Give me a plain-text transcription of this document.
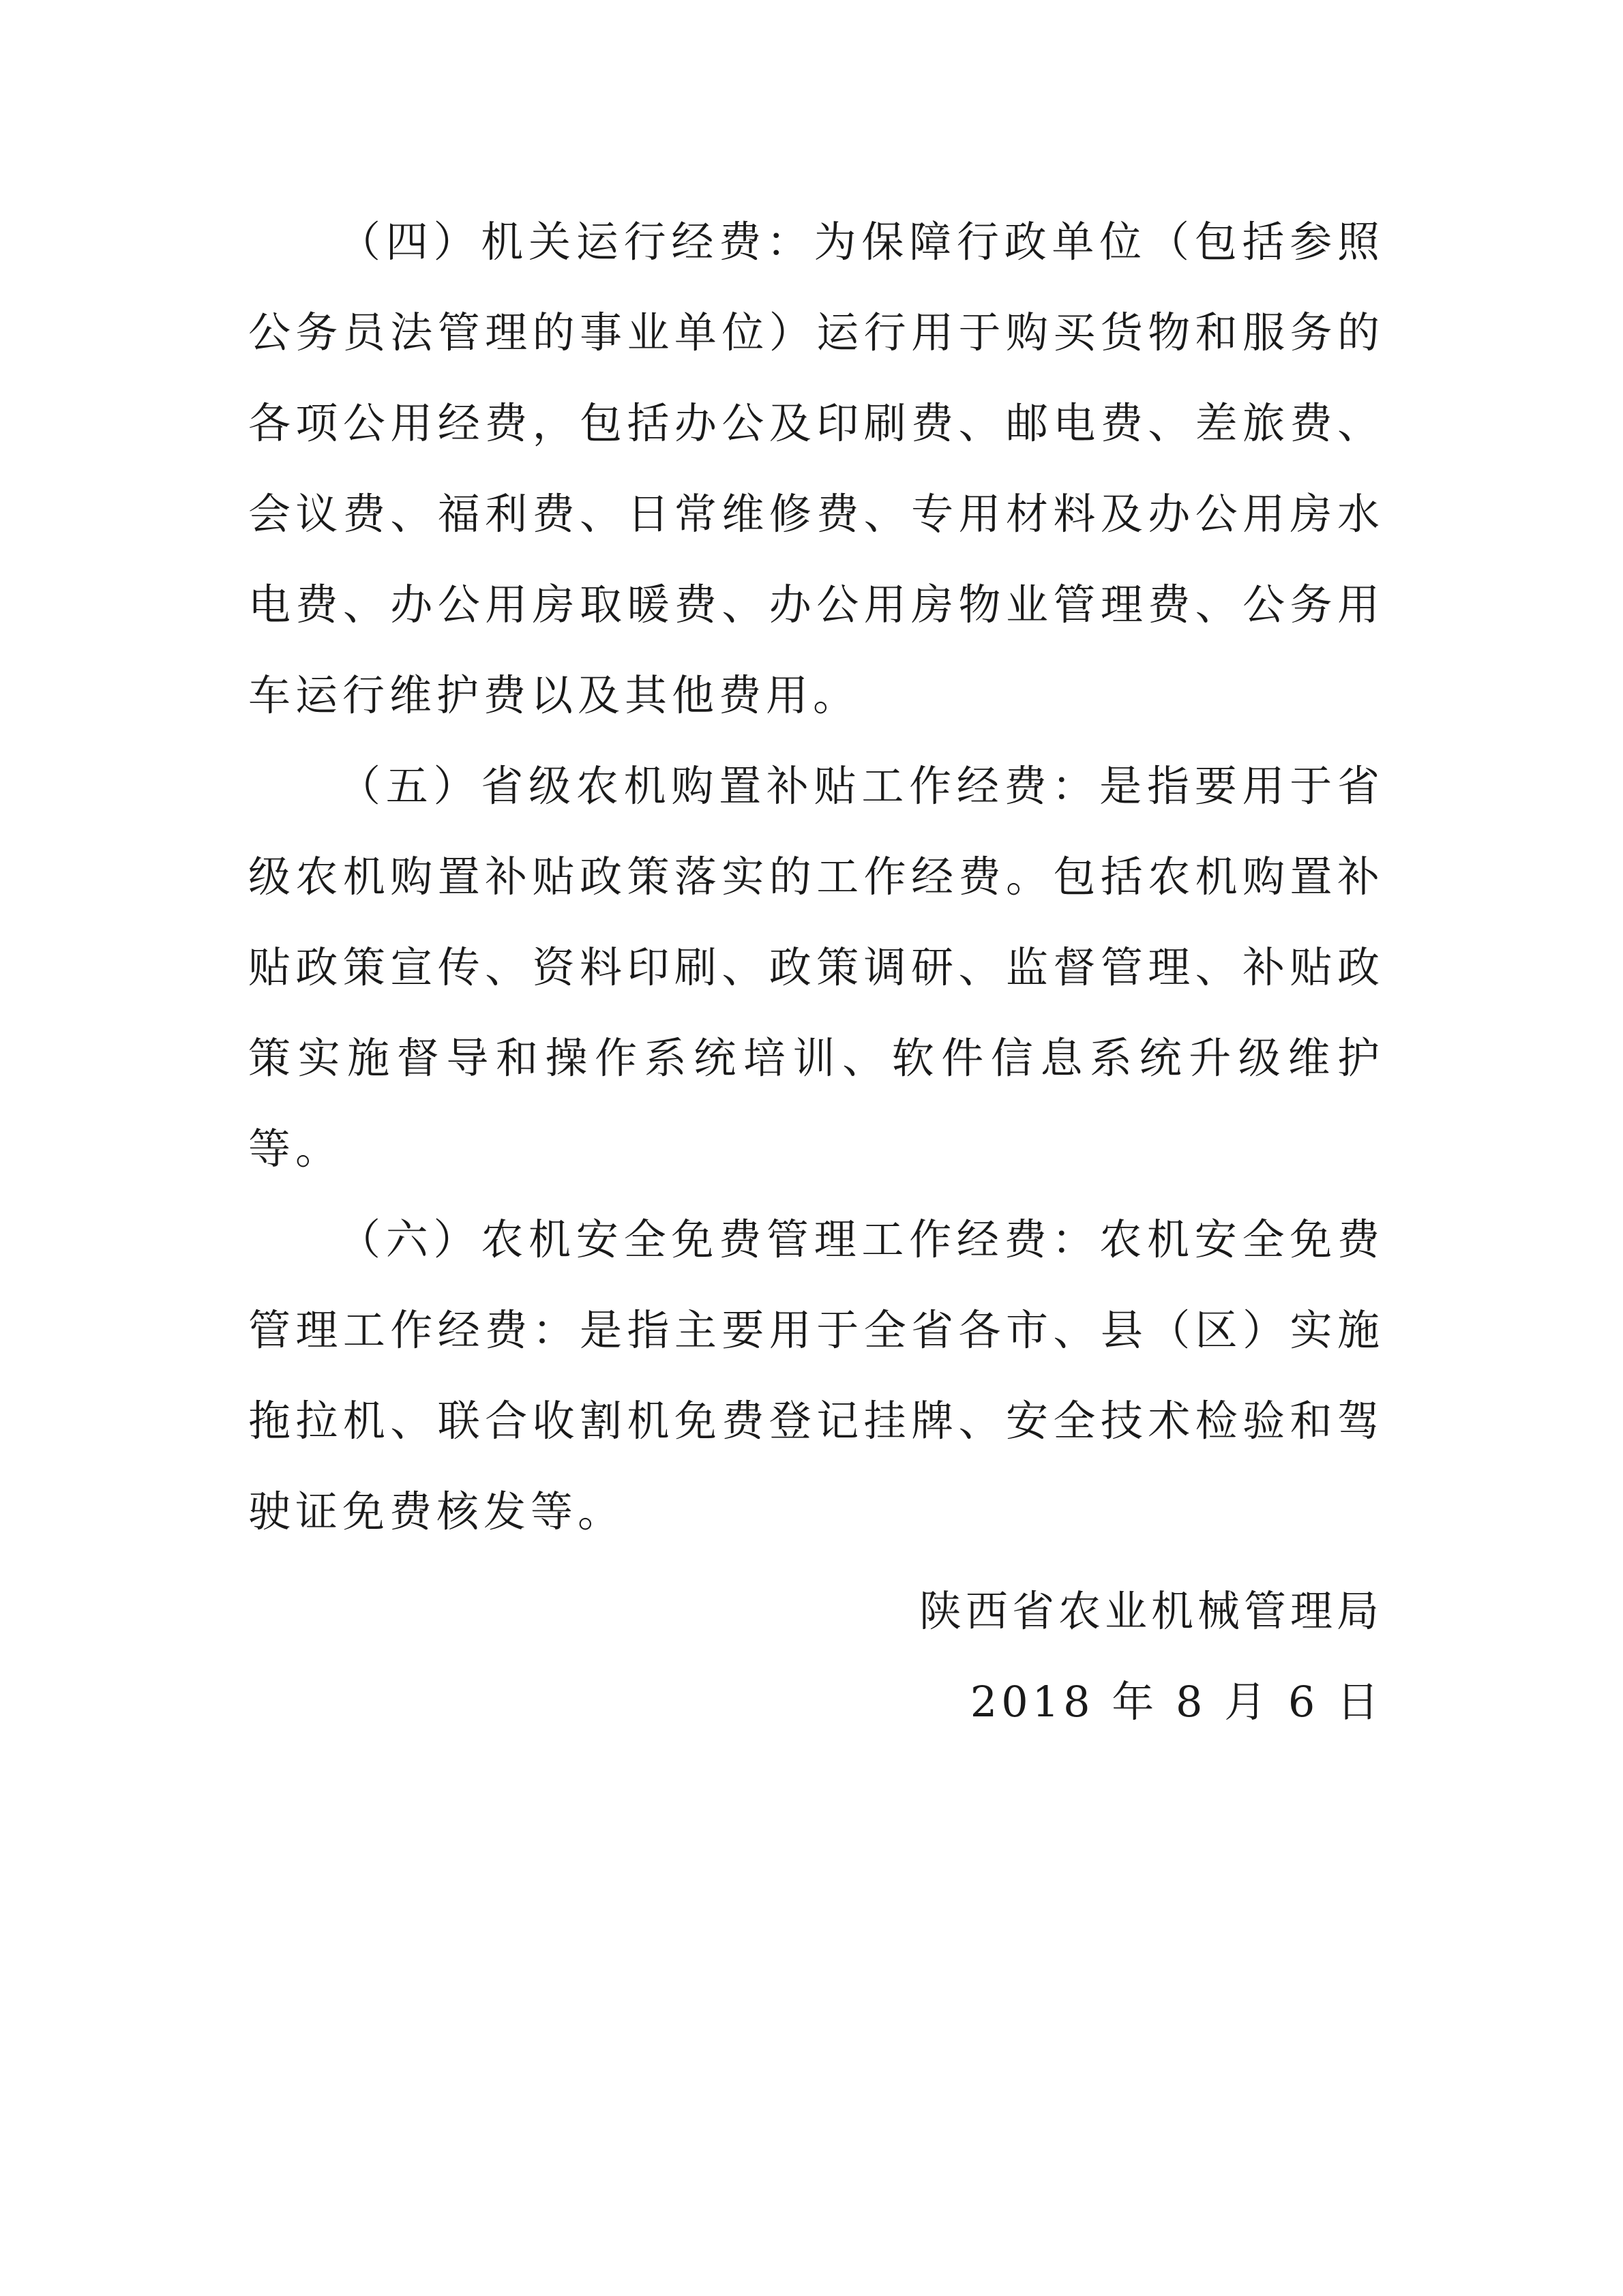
（四）机关运行经费：为保障行政单位（包括参照公务员法管理的事业单位）运行用于购买货物和服务的各项公用经费，包括办公及印刷费、邮电费、差旅费、会议费、福利费、日常维修费、专用材料及办公用房水电费、办公用房取暖费、办公用房物业管理费、公务用车运行维护费以及其他费用。

（五）省级农机购置补贴工作经费：是指要用于省级农机购置补贴政策落实的工作经费。包括农机购置补贴政策宣传、资料印刷、政策调研、监督管理、补贴政策实施督导和操作系统培训、软件信息系统升级维护等。

（六）农机安全免费管理工作经费：农机安全免费管理工作经费：是指主要用于全省各市、县（区）实施拖拉机、联合收割机免费登记挂牌、安全技术检验和驾驶证免费核发等。

陕西省农业机械管理局
2018 年 8 月 6 日
